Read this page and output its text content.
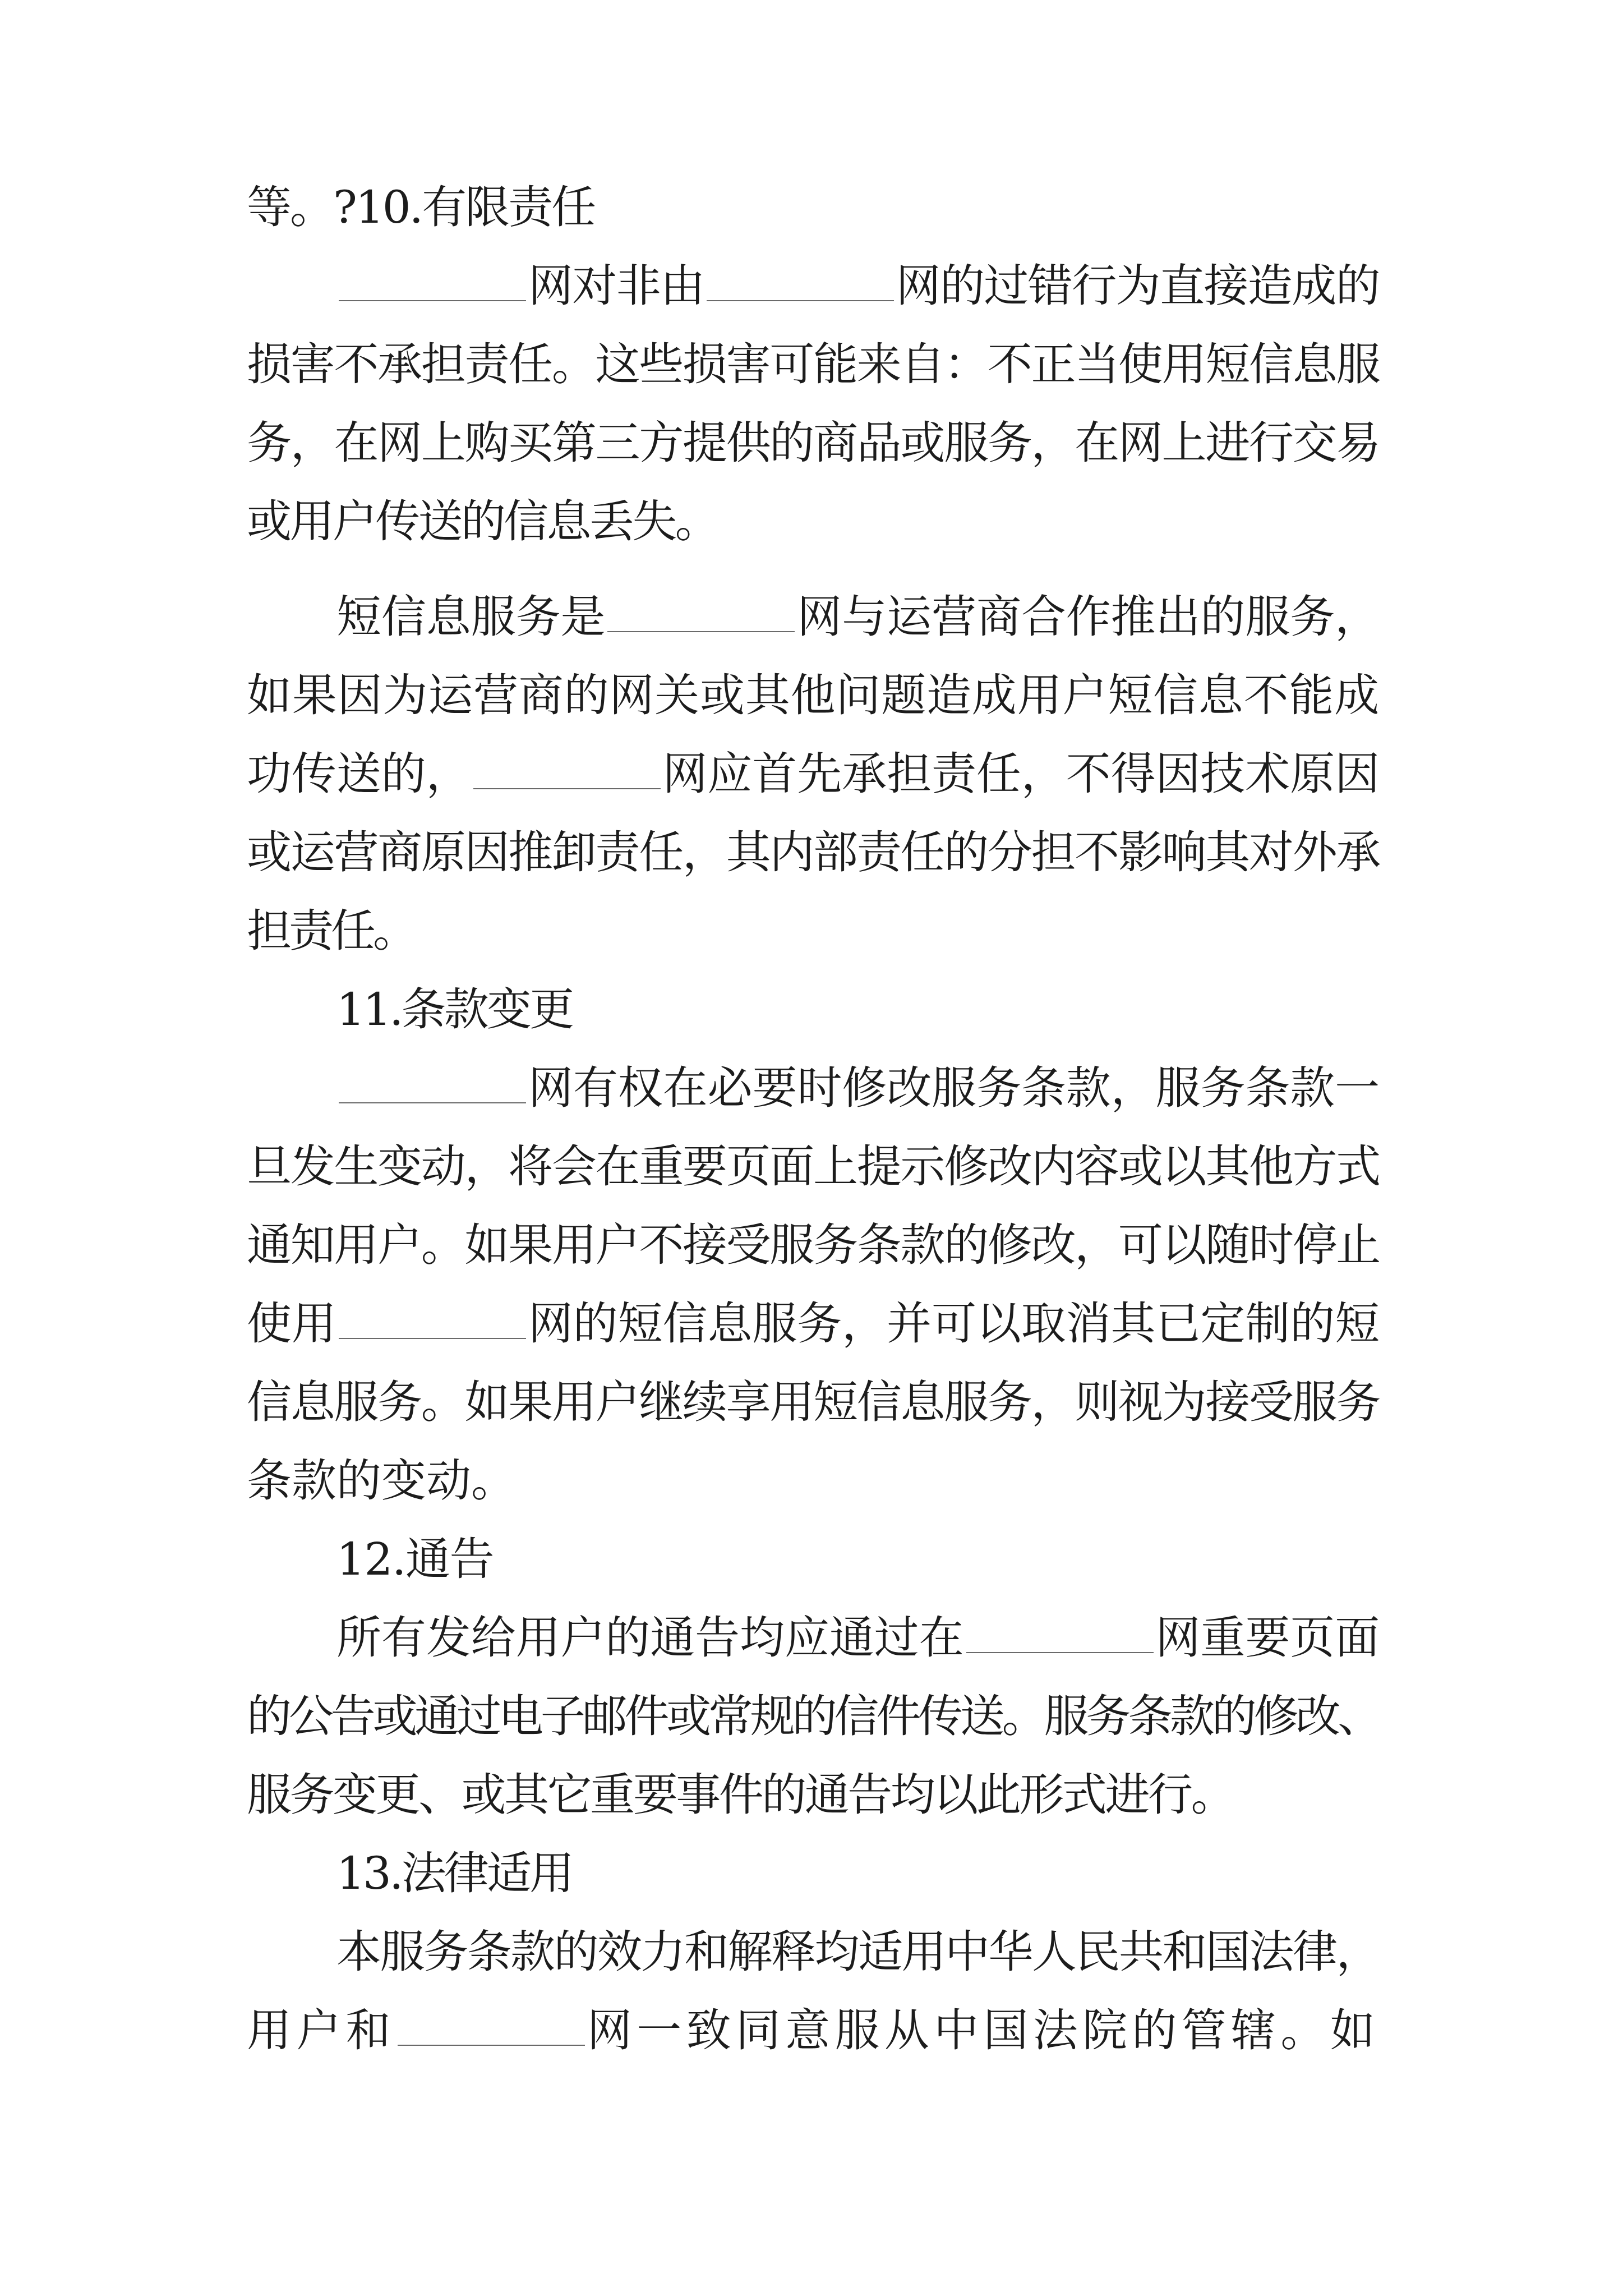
等。?10.有限责任
网对非由	网的过错行为直接造成的
损害不承担责任。这些损害可能来自：不正当使用短信息服
务，在网上购买第三方提供的商品或服务，在网上进行交易
或用户传送的信息丢失。
短信息服务是	网与运营商合作推出的服务，
如果因为运营商的网关或其他问题造成用户短信息不能成
功传送的，	网应首先承担责任，不得因技术原因
或运营商原因推卸责任，其内部责任的分担不影响其对外承
担责任。
11.条款变更
网有权在必要时修改服务条款，服务条款一
旦发生变动，将会在重要页面上提示修改内容或以其他方式
通知用户。如果用户不接受服务条款的修改，可以随时停止
使用	网的短信息服务，并可以取消其已定制的短
信息服务。如果用户继续享用短信息服务，则视为接受服务
条款的变动。
12.通告
所有发给用户的通告均应通过在	网重要页面
的公告或通过电子邮件或常规的信件传送。服务条款的修改、
服务变更、或其它重要事件的通告均以此形式进行。
13.法律适用
本服务条款的效力和解释均适用中华人民共和国法律，
用户和	网一致同意服从中国法院的管辖。如
